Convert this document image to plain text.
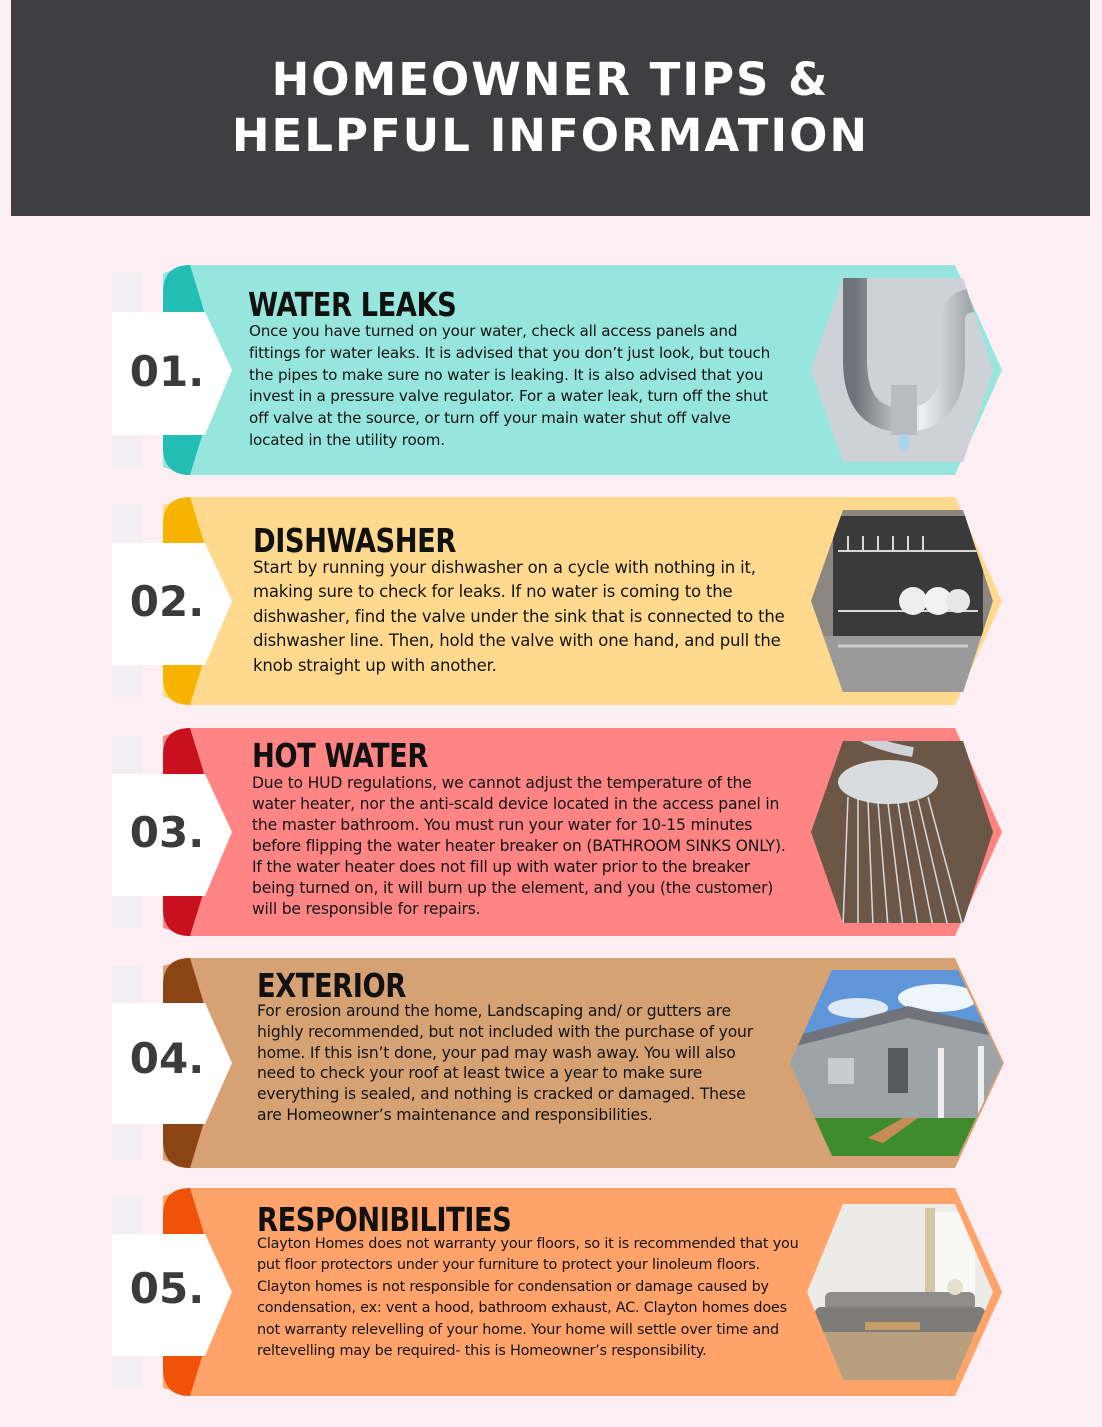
HOMEOWNER TIPS &
HELPFUL INFORMATION
01.
WATER LEAKS

Once you have turned on your water, check all access panels and fittings for water leaks. It is advised that you don’t just look, but touch the pipes to make sure no water is leaking. It is also advised that you invest in a pressure valve regulator. For a water leak, turn off the shut off valve at the source, or turn off your main water shut off valve located in the utility room.

02.
DISHWASHER

Start by running your dishwasher on a cycle with nothing in it, making sure to check for leaks. If no water is coming to the dishwasher, find the valve under the sink that is connected to the dishwasher line. Then, hold the valve with one hand, and pull the knob straight up with another.

03.
HOT WATER

Due to HUD regulations, we cannot adjust the temperature of the water heater, nor the anti-scald device located in the access panel in the master bathroom. You must run your water for 10-15 minutes before flipping the water heater breaker on (BATHROOM SINKS ONLY). If the water heater does not fill up with water prior to the breaker being turned on, it will burn up the element, and you (the customer) will be responsible for repairs.

04.
EXTERIOR

For erosion around the home, Landscaping and/ or gutters are highly recommended, but not included with the purchase of your home. If this isn’t done, your pad may wash away. You will also need to check your roof at least twice a year to make sure everything is sealed, and nothing is cracked or damaged. These are Homeowner’s maintenance and responsibilities.

05.
RESPONIBILITIES

Clayton Homes does not warranty your floors, so it is recommended that you put floor protectors under your furniture to protect your linoleum floors. Clayton homes is not responsible for condensation or damage caused by condensation, ex: vent a hood, bathroom exhaust, AC. Clayton homes does not warranty relevelling of your home. Your home will settle over time and reltevelling may be required- this is Homeowner’s responsibility.
